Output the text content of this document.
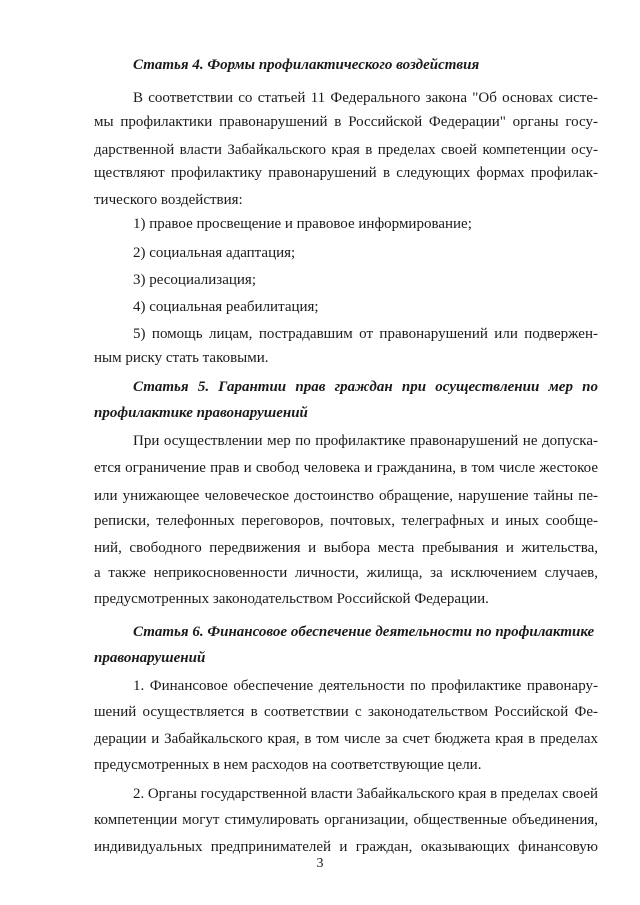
Статья 4. Формы профилактического воздействия
В соответствии со статьей 11 Федерального закона "Об основах систе-
мы профилактики правонарушений в Российской Федерации" органы госу-
дарственной власти Забайкальского края в пределах своей компетенции осу-
ществляют профилактику правонарушений в следующих формах профилак-
тического воздействия:
1) правое просвещение и правовое информирование;
2) социальная адаптация;
3) ресоциализация;
4) социальная реабилитация;
5) помощь лицам, пострадавшим от правонарушений или подвержен-
ным риску стать таковыми.
Статья 5. Гарантии прав граждан при осуществлении мер по
профилактике правонарушений
При осуществлении мер по профилактике правонарушений не допуска-
ется ограничение прав и свобод человека и гражданина, в том числе жестокое
или унижающее человеческое достоинство обращение, нарушение тайны пе-
реписки, телефонных переговоров, почтовых, телеграфных и иных сообще-
ний, свободного передвижения и выбора места пребывания и жительства,
а также неприкосновенности личности, жилища, за исключением случаев,
предусмотренных законодательством Российской Федерации.
Статья 6. Финансовое обеспечение деятельности по профилактике
правонарушений
1. Финансовое обеспечение деятельности по профилактике правонару-
шений осуществляется в соответствии с законодательством Российской Фе-
дерации и Забайкальского края, в том числе за счет бюджета края в пределах
предусмотренных в нем расходов на соответствующие цели.
2. Органы государственной власти Забайкальского края в пределах своей
компетенции могут стимулировать организации, общественные объединения,
индивидуальных предпринимателей и граждан, оказывающих финансовую
3
